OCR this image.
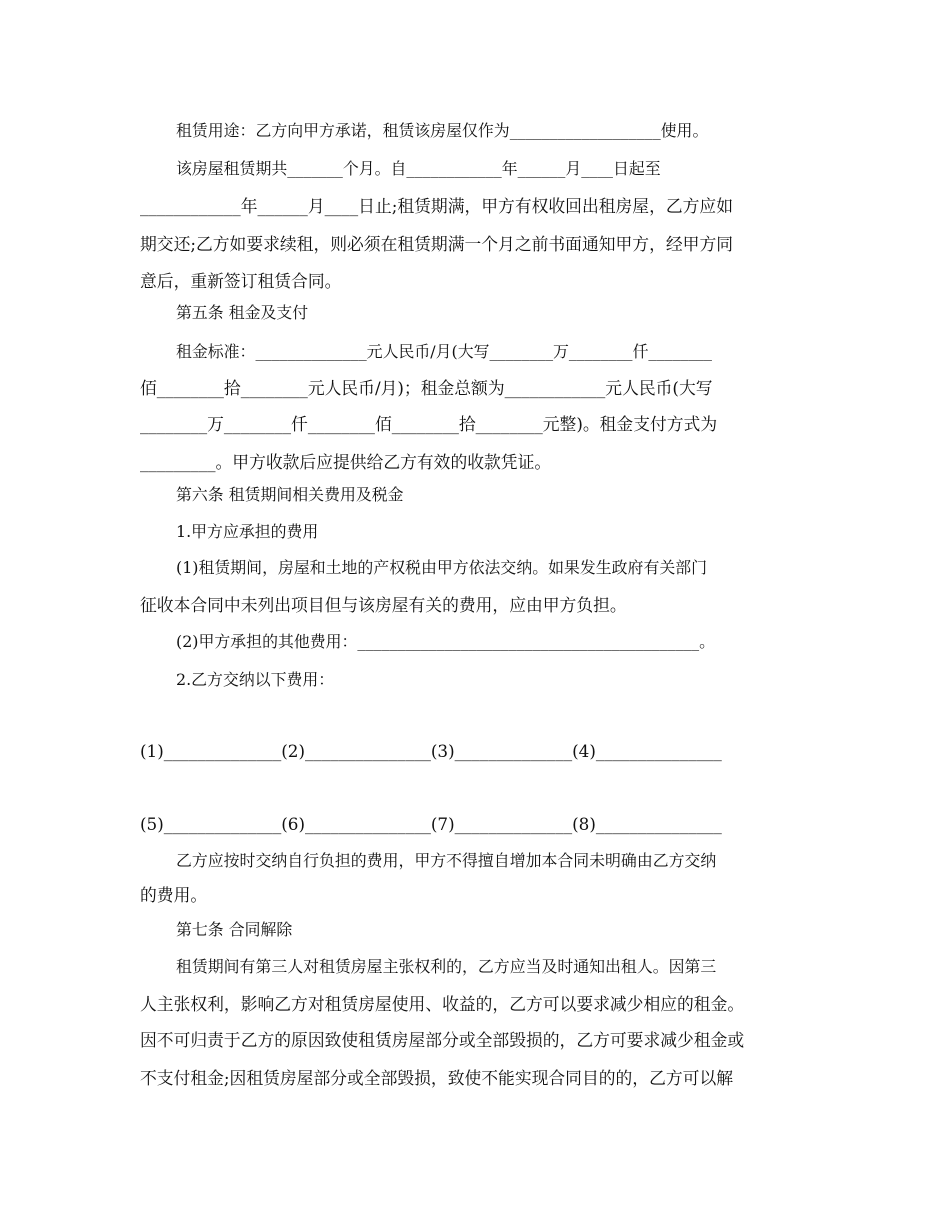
租赁用途：乙方向甲方承诺，租赁该房屋仅作为___________________使用。
该房屋租赁期共_______个月。自____________年______月____日起至
____________年______月____日止;租赁期满，甲方有权收回出租房屋，乙方应如
期交还;乙方如要求续租，则必须在租赁期满一个月之前书面通知甲方，经甲方同
意后，重新签订租赁合同。
第五条 租金及支付
租金标准：______________元人民币/月(大写________万________仟________
佰________拾________元人民币/月)；租金总额为____________元人民币(大写
________万________仟________佰________拾________元整)。租金支付方式为
_________。甲方收款后应提供给乙方有效的收款凭证。
第六条 租赁期间相关费用及税金
1.甲方应承担的费用
(1)租赁期间，房屋和土地的产权税由甲方依法交纳。如果发生政府有关部门
征收本合同中未列出项目但与该房屋有关的费用，应由甲方负担。
(2)甲方承担的其他费用：___________________________________________。
2.乙方交纳以下费用：
(1)______________(2)_______________(3)______________(4)_______________
(5)______________(6)_______________(7)______________(8)_______________
乙方应按时交纳自行负担的费用，甲方不得擅自增加本合同未明确由乙方交纳
的费用。
第七条 合同解除
租赁期间有第三人对租赁房屋主张权利的，乙方应当及时通知出租人。因第三
人主张权利，影响乙方对租赁房屋使用、收益的，乙方可以要求减少相应的租金。
因不可归责于乙方的原因致使租赁房屋部分或全部毁损的，乙方可要求减少租金或
不支付租金;因租赁房屋部分或全部毁损，致使不能实现合同目的的，乙方可以解
